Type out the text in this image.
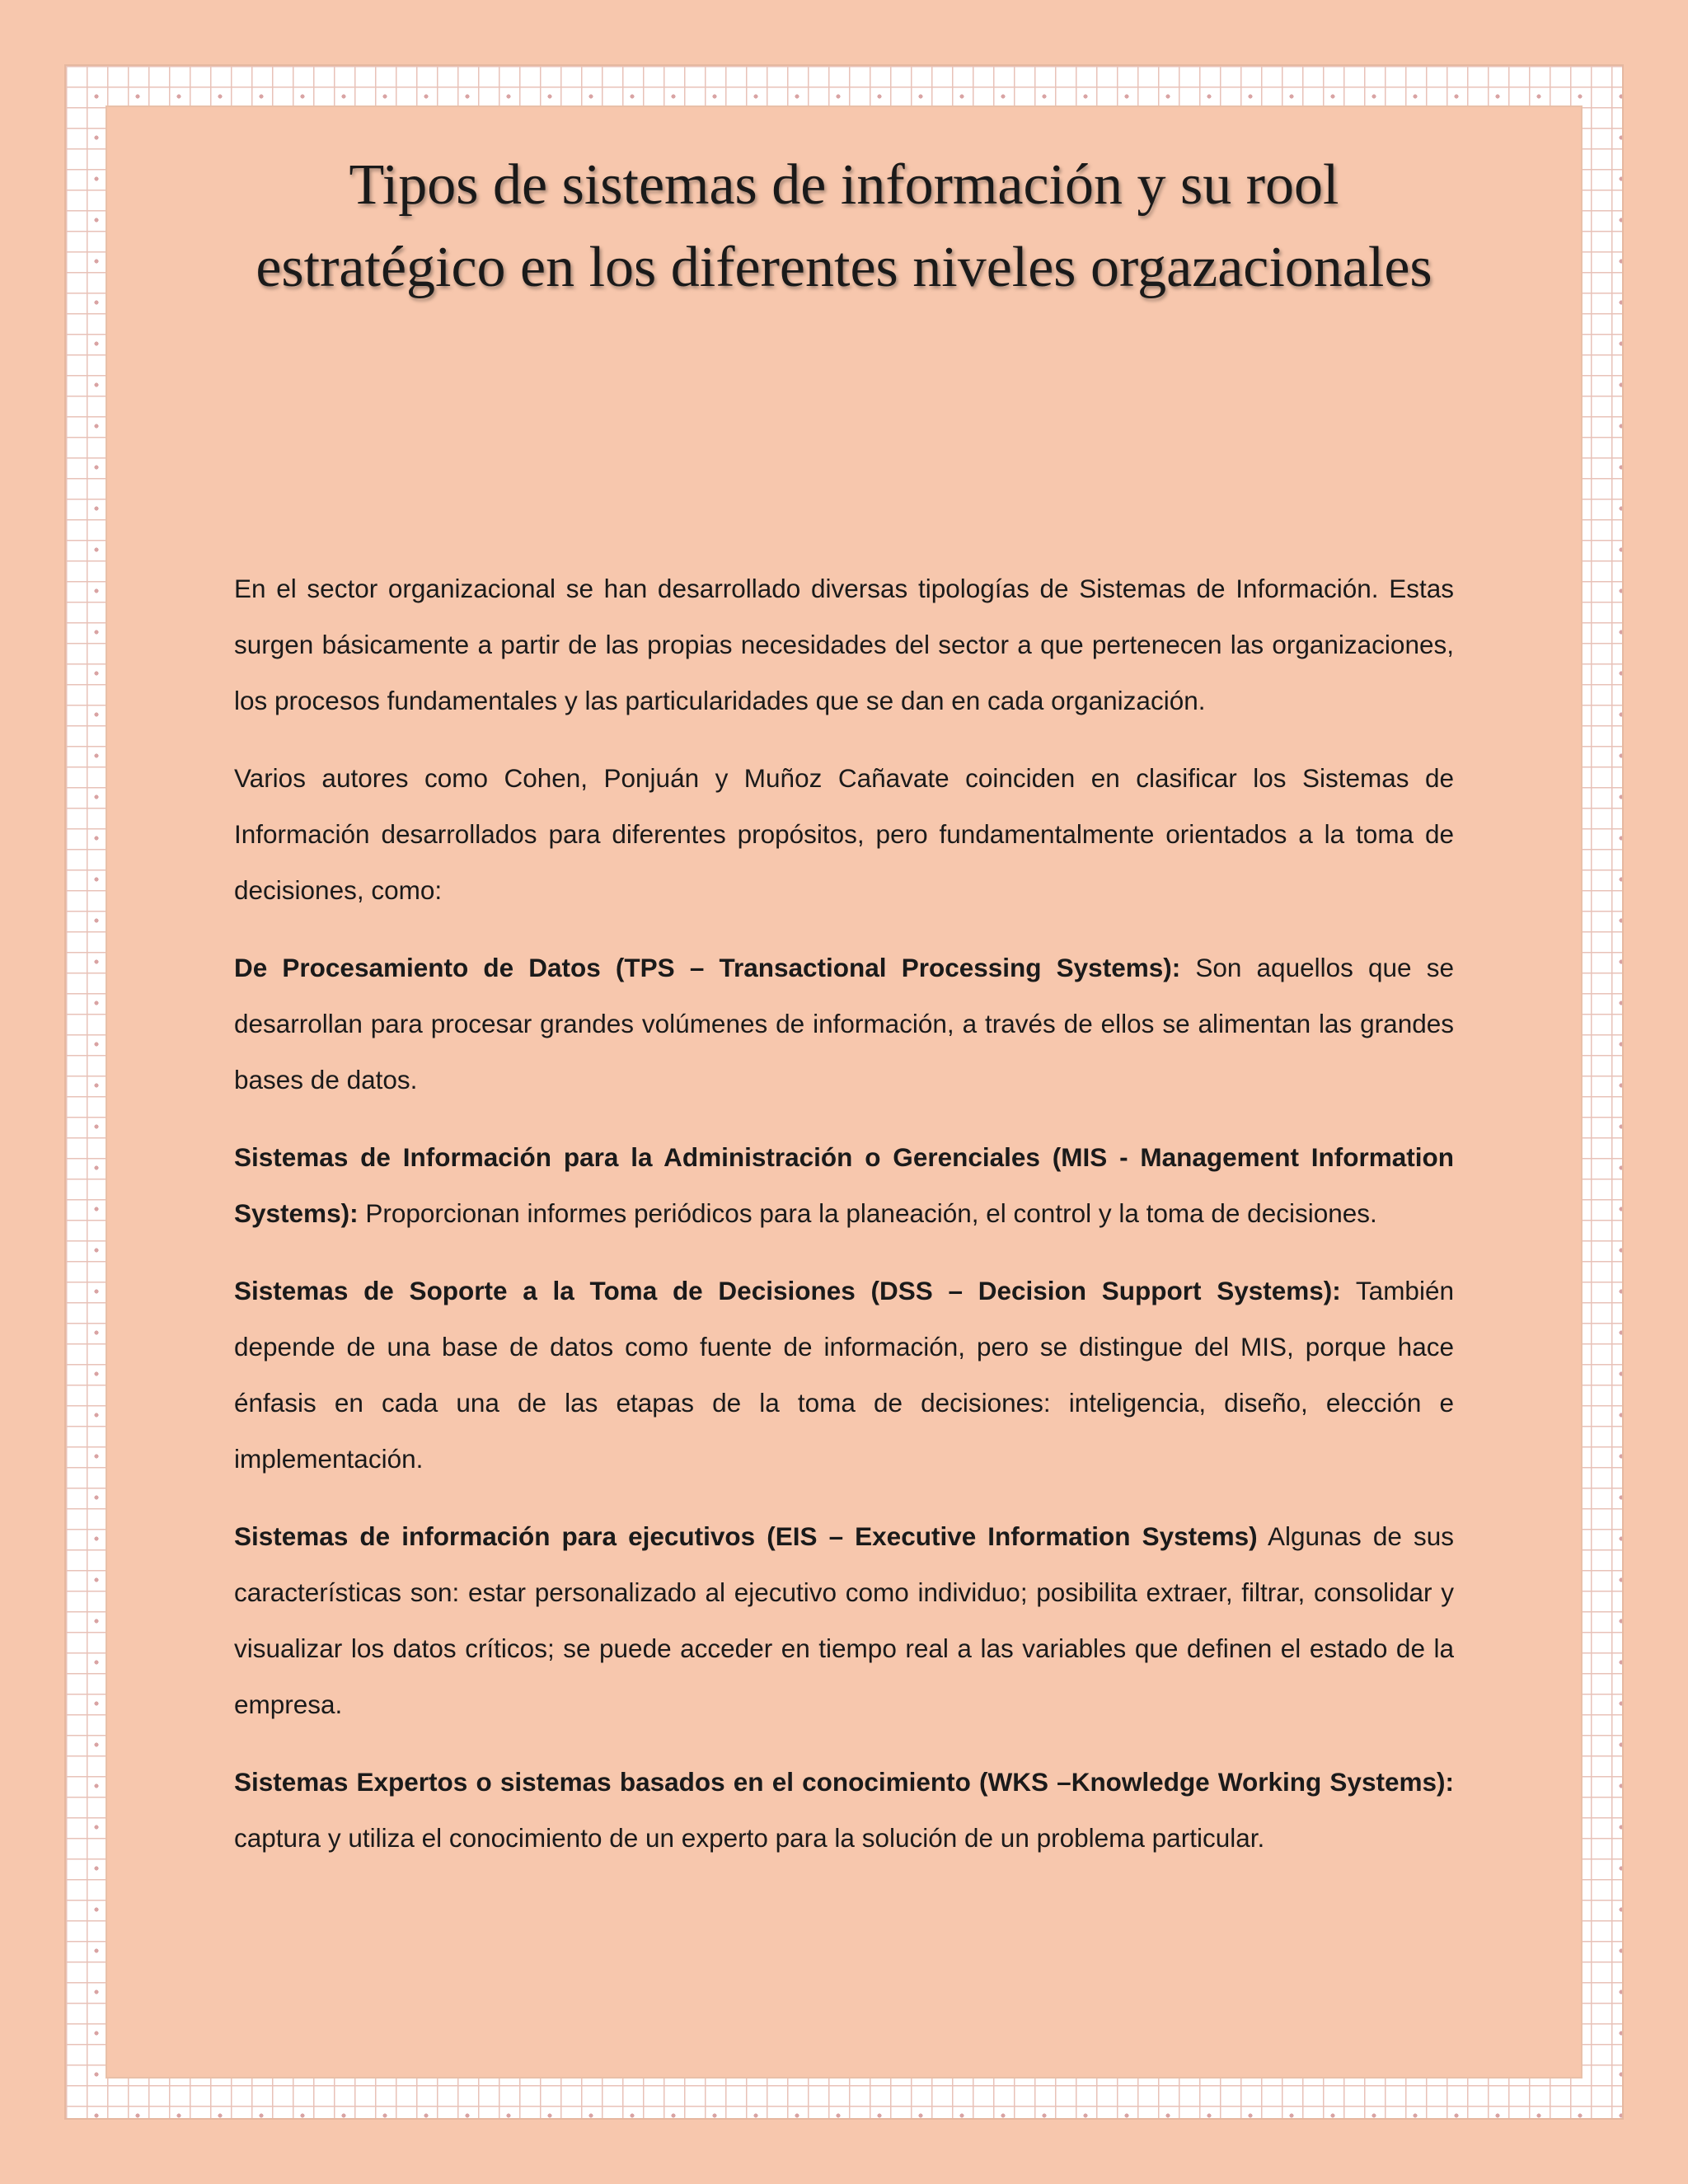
Tipos de sistemas de información y su rool estratégico en los diferentes niveles orgazacionales

En el sector organizacional se han desarrollado diversas tipologías de Sistemas de Información. Estas surgen básicamente a partir de las propias necesidades del sector a que pertenecen las organizaciones, los procesos fundamentales y las particularidades que se dan en cada organización.

Varios autores como Cohen, Ponjuán y Muñoz Cañavate coinciden en clasificar los Sistemas de Información desarrollados para diferentes propósitos, pero fundamentalmente orientados a la toma de decisiones, como:

De Procesamiento de Datos (TPS – Transactional Processing Systems): Son aquellos que se desarrollan para procesar grandes volúmenes de información, a través de ellos se alimentan las grandes bases de datos.

Sistemas de Información para la Administración o Gerenciales (MIS - Management Information Systems): Proporcionan informes periódicos para la planeación, el control y la toma de decisiones.

Sistemas de Soporte a la Toma de Decisiones (DSS – Decision Support Systems): También depende de una base de datos como fuente de información, pero se distingue del MIS, porque hace énfasis en cada una de las etapas de la toma de decisiones: inteligencia, diseño, elección e implementación.

Sistemas de información para ejecutivos (EIS – Executive Information Systems) Algunas de sus características son: estar personalizado al ejecutivo como individuo; posibilita extraer, filtrar, consolidar y visualizar los datos críticos; se puede acceder en tiempo real a las variables que definen el estado de la empresa.

Sistemas Expertos o sistemas basados en el conocimiento (WKS –Knowledge Working Systems): captura y utiliza el conocimiento de un experto para la solución de un problema particular.
